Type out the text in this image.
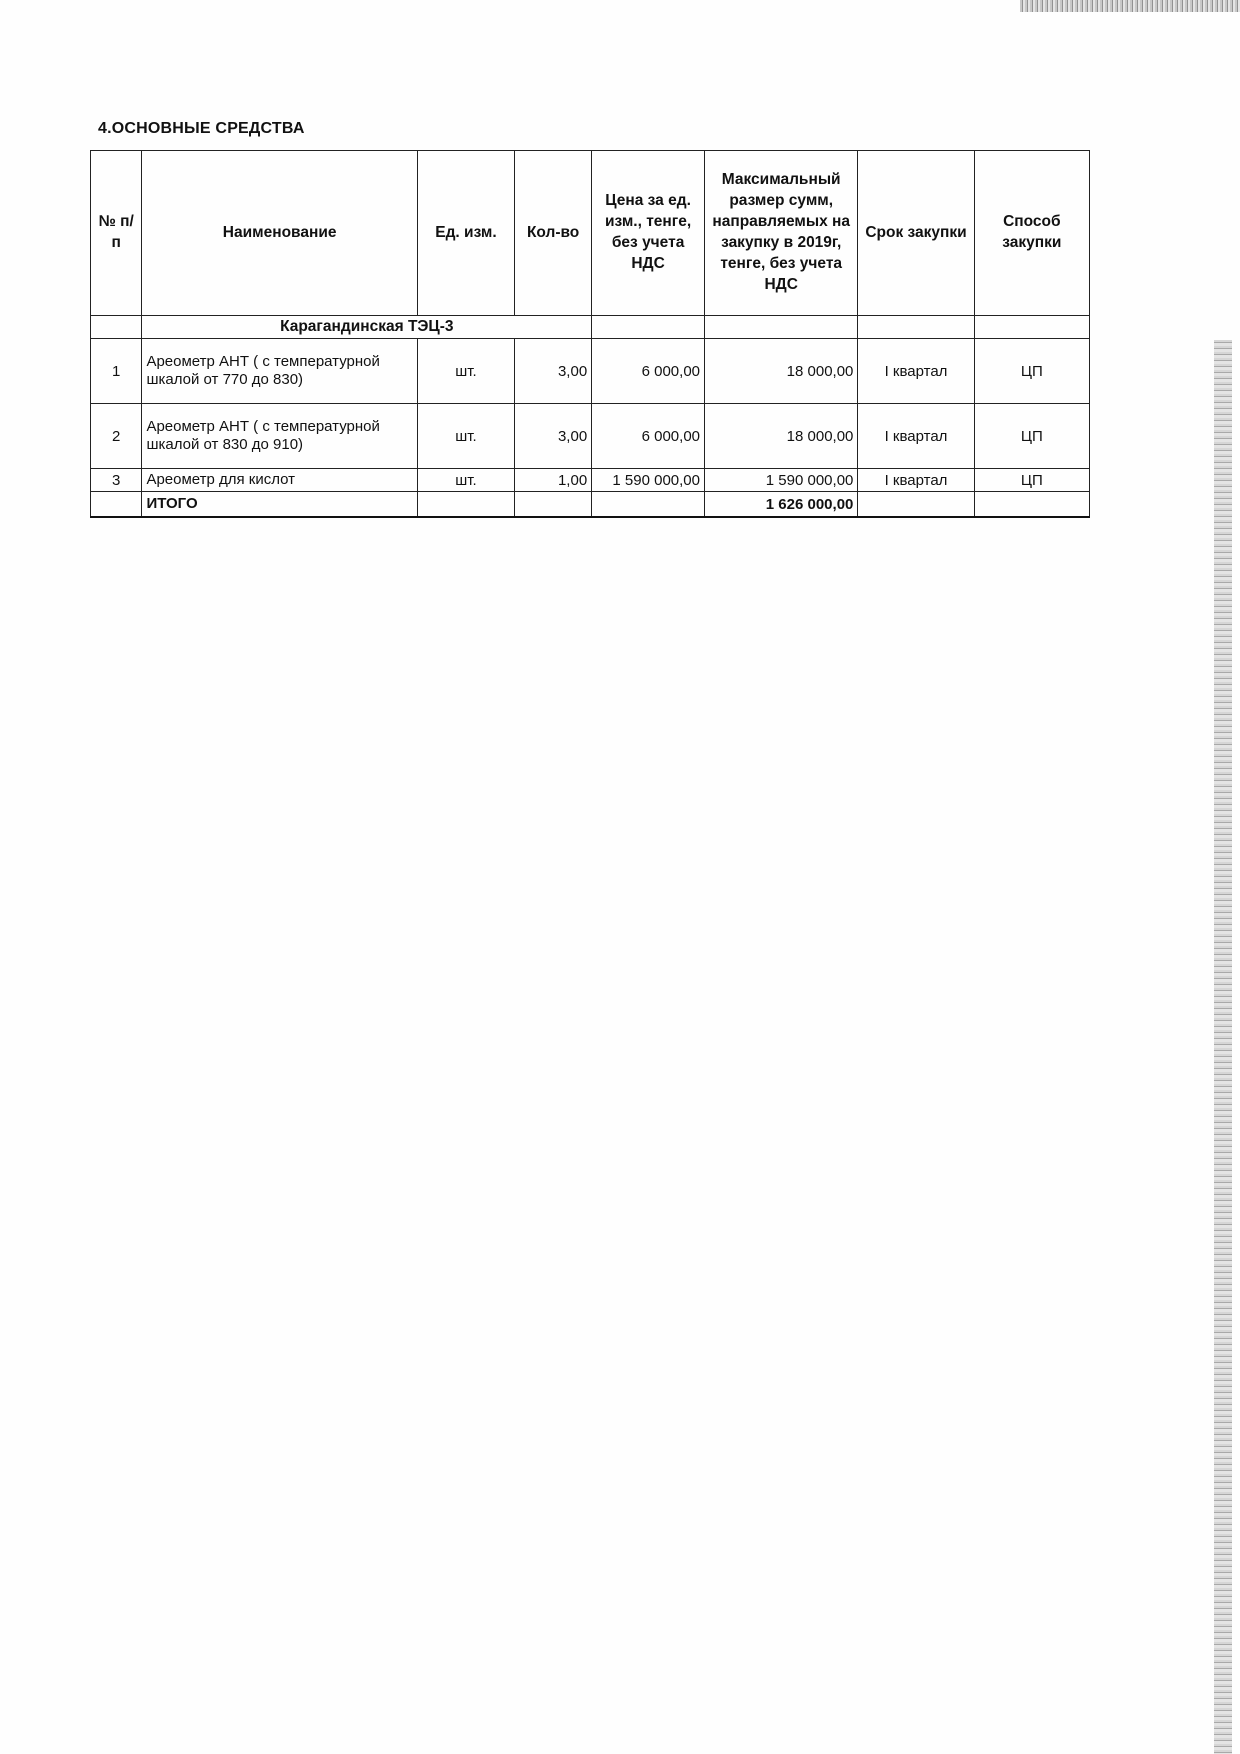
4.ОСНОВНЫЕ СРЕДСТВА
№ п/п	Наименование	Ед. изм.	Кол-во	Цена за ед. изм., тенге, без учета НДС	Максимальный размер сумм, направляемых на закупку в 2019г, тенге, без учета НДС	Срок закупки	Способ закупки
	Карагандинская ТЭЦ-3						
1	Ареометр АНТ ( с температурной шкалой от 770 до 830)	шт.	3,00	6 000,00	18 000,00	I квартал	ЦП
2	Ареометр АНТ ( с температурной шкалой от 830 до 910)	шт.	3,00	6 000,00	18 000,00	I квартал	ЦП
3	Ареометр для кислот	шт.	1,00	1 590 000,00	1 590 000,00	I квартал	ЦП
	ИТОГО				1 626 000,00		
